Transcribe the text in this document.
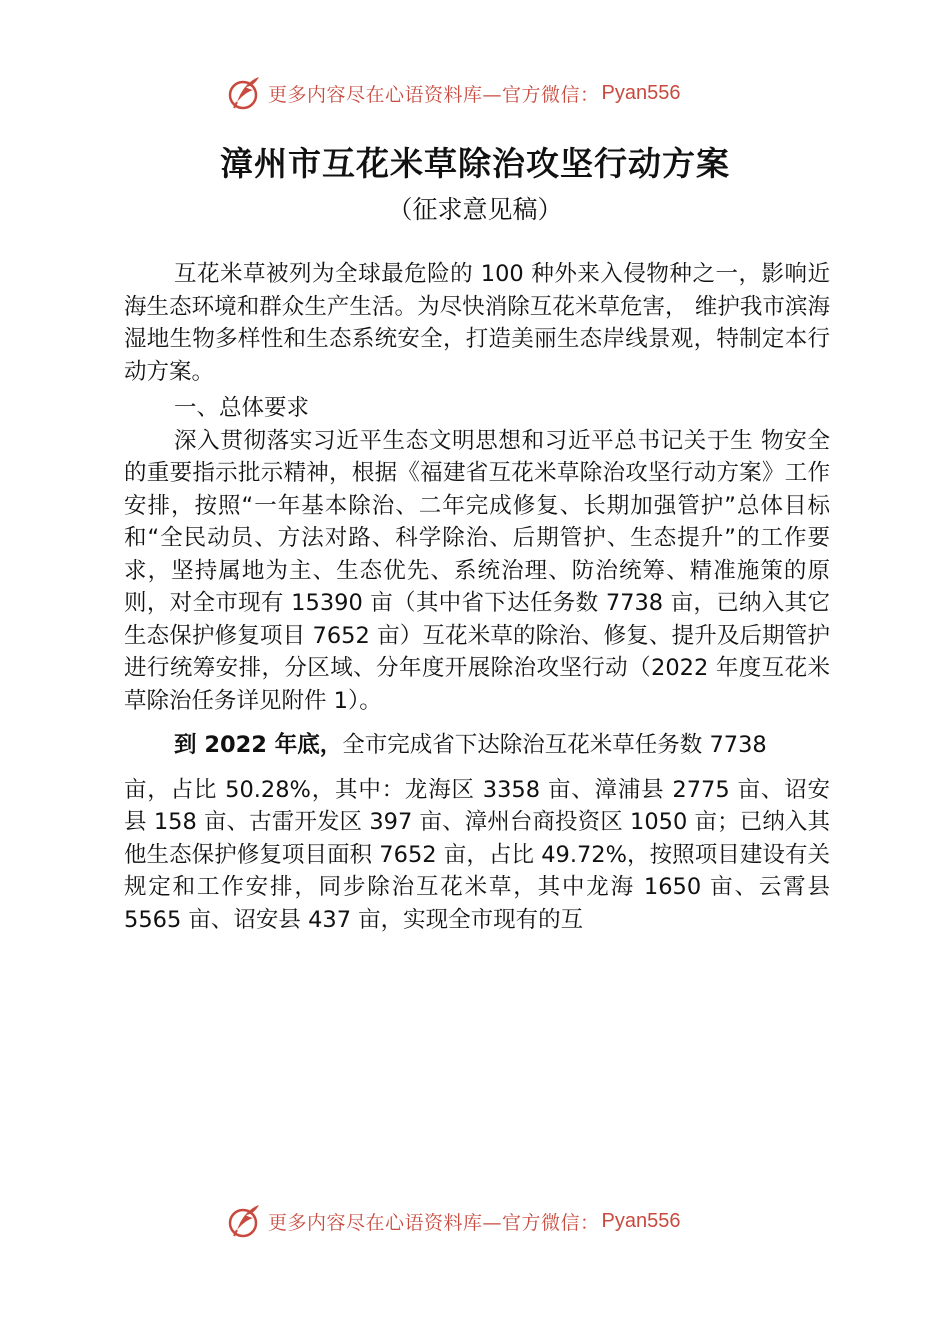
更多内容尽在心语资料库—官方微信： Pyan556
漳州市互花米草除治攻坚行动方案
（征求意见稿）

互花米草被列为全球最危险的 100 种外来入侵物种之一，影响近海生态环境和群众生产生活。为尽快消除互花米草危害， 维护我市滨海湿地生物多样性和生态系统安全，打造美丽生态岸线景观，特制定本行动方案。

一、总体要求

深入贯彻落实习近平生态文明思想和习近平总书记关于生 物安全的重要指示批示精神，根据《福建省互花米草除治攻坚行动方案》工作安排，按照“一年基本除治、二年完成修复、长期加强管护”总体目标和“全民动员、方法对路、科学除治、后期管护、生态提升”的工作要求，坚持属地为主、生态优先、系统治理、防治统筹、精准施策的原则，对全市现有 15390 亩（其中省下达任务数 7738 亩，已纳入其它生态保护修复项目 7652 亩）互花米草的除治、修复、提升及后期管护进行统筹安排，分区域、分年度开展除治攻坚行动（2022 年度互花米草除治任务详见附件 1）。

到 2022 年底，全市完成省下达除治互花米草任务数 7738
亩，占比 50.28%，其中：龙海区 3358 亩、漳浦县 2775 亩、诏安县 158 亩、古雷开发区 397 亩、漳州台商投资区 1050 亩；已纳入其他生态保护修复项目面积 7652 亩，占比 49.72%，按照项目建设有关规定和工作安排，同步除治互花米草，其中龙海 1650 亩、云霄县 5565 亩、诏安县 437 亩，实现全市现有的互

更多内容尽在心语资料库—官方微信： Pyan556
